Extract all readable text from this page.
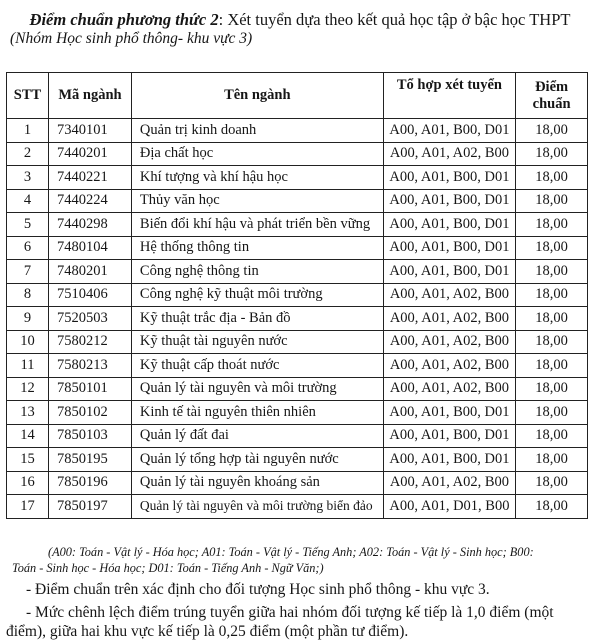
Điểm chuẩn phương thức 2: Xét tuyển dựa theo kết quả học tập ở bậc học THPT
(Nhóm Học sinh phổ thông- khu vực 3)
STT	Mã ngành	Tên ngành	Tổ hợp xét tuyển	Điểm chuẩn
1	7340101	Quản trị kinh doanh	A00, A01, B00, D01	18,00
2	7440201	Địa chất học	A00, A01, A02, B00	18,00
3	7440221	Khí tượng và khí hậu học	A00, A01, B00, D01	18,00
4	7440224	Thủy văn học	A00, A01, B00, D01	18,00
5	7440298	Biến đổi khí hậu và phát triển bền vững	A00, A01, B00, D01	18,00
6	7480104	Hệ thống thông tin	A00, A01, B00, D01	18,00
7	7480201	Công nghệ thông tin	A00, A01, B00, D01	18,00
8	7510406	Công nghệ kỹ thuật môi trường	A00, A01, A02, B00	18,00
9	7520503	Kỹ thuật trắc địa - Bản đồ	A00, A01, A02, B00	18,00
10	7580212	Kỹ thuật tài nguyên nước	A00, A01, A02, B00	18,00
11	7580213	Kỹ thuật cấp thoát nước	A00, A01, A02, B00	18,00
12	7850101	Quản lý tài nguyên và môi trường	A00, A01, A02, B00	18,00
13	7850102	Kinh tế tài nguyên thiên nhiên	A00, A01, B00, D01	18,00
14	7850103	Quản lý đất đai	A00, A01, B00, D01	18,00
15	7850195	Quản lý tổng hợp tài nguyên nước	A00, A01, B00, D01	18,00
16	7850196	Quản lý tài nguyên khoáng sản	A00, A01, A02, B00	18,00
17	7850197	Quản lý tài nguyên và môi trường biển đảo	A00, A01, D01, B00	18,00
(A00: Toán - Vật lý - Hóa học; A01: Toán - Vật lý - Tiếng Anh; A02: Toán - Vật lý - Sinh học; B00:
Toán - Sinh học - Hóa học; D01: Toán - Tiếng Anh - Ngữ Văn;)
- Điểm chuẩn trên xác định cho đối tượng Học sinh phổ thông - khu vực 3.
- Mức chênh lệch điểm trúng tuyển giữa hai nhóm đối tượng kế tiếp là 1,0 điểm (một điểm), giữa hai khu vực kế tiếp là 0,25 điểm (một phần tư điểm).
